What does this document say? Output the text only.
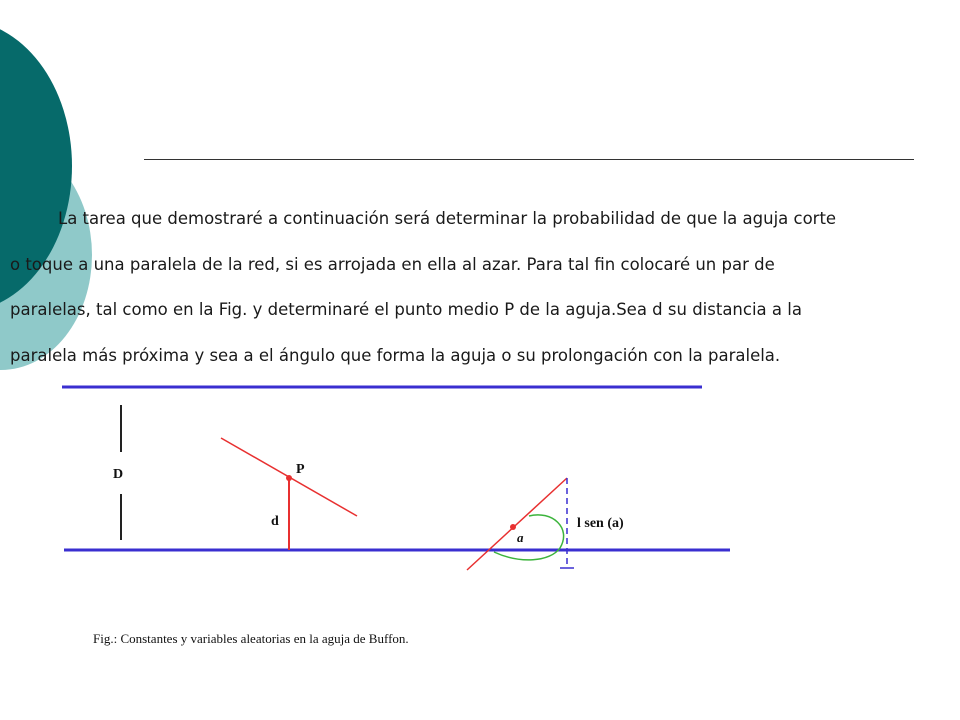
La tarea que demostraré a continuación será determinar la probabilidad de que la aguja corte
o toque a una paralela de la red, si es arrojada en ella al azar. Para tal fin colocaré un par de
paralelas, tal como en la Fig. y determinaré el punto medio P de la aguja.Sea d su distancia a la
paralela más próxima y sea a el ángulo que forma la aguja o su prolongación con la paralela.
D	P
d
a
l sen (a)
Fig.: Constantes y variables aleatorias en la aguja de Buffon.
